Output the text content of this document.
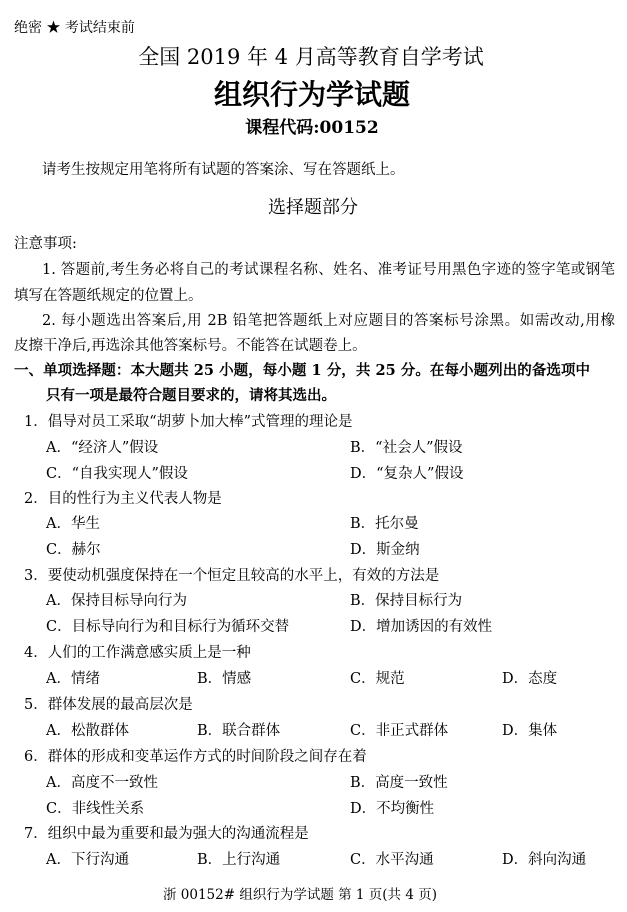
绝密 ★ 考试结束前
全国 2019 年 4 月高等教育自学考试
组织行为学试题
课程代码:00152
请考生按规定用笔将所有试题的答案涂、写在答题纸上。
选择题部分
注意事项:
1. 答题前,考生务必将自己的考试课程名称、姓名、准考证号用黑色字迹的签字笔或钢笔
填写在答题纸规定的位置上。
2. 每小题选出答案后,用 2B 铅笔把答题纸上对应题目的答案标号涂黑。如需改动,用橡
皮擦干净后,再选涂其他答案标号。不能答在试题卷上。
一、单项选择题：本大题共 25 小题，每小题 1 分，共 25 分。在每小题列出的备选项中
只有一项是最符合题目要求的，请将其选出。
1．倡导对员工采取“胡萝卜加大棒”式管理的理论是
A．“经济人”假设	B．“社会人”假设
C．“自我实现人”假设	D．“复杂人”假设
2．目的性行为主义代表人物是
A．华生	B．托尔曼
C．赫尔	D．斯金纳
3．要使动机强度保持在一个恒定且较高的水平上，有效的方法是
A．保持目标导向行为	B．保持目标行为
C．目标导向行为和目标行为循环交替	D．增加诱因的有效性
4．人们的工作满意感实质上是一种
A．情绪	B．情感	C．规范	D．态度
5．群体发展的最高层次是
A．松散群体	B．联合群体	C．非正式群体	D．集体
6．群体的形成和变革运作方式的时间阶段之间存在着
A．高度不一致性	B．高度一致性
C．非线性关系	D．不均衡性
7．组织中最为重要和最为强大的沟通流程是
A．下行沟通	B．上行沟通	C．水平沟通	D．斜向沟通
浙 00152# 组织行为学试题 第 1 页(共 4 页)
